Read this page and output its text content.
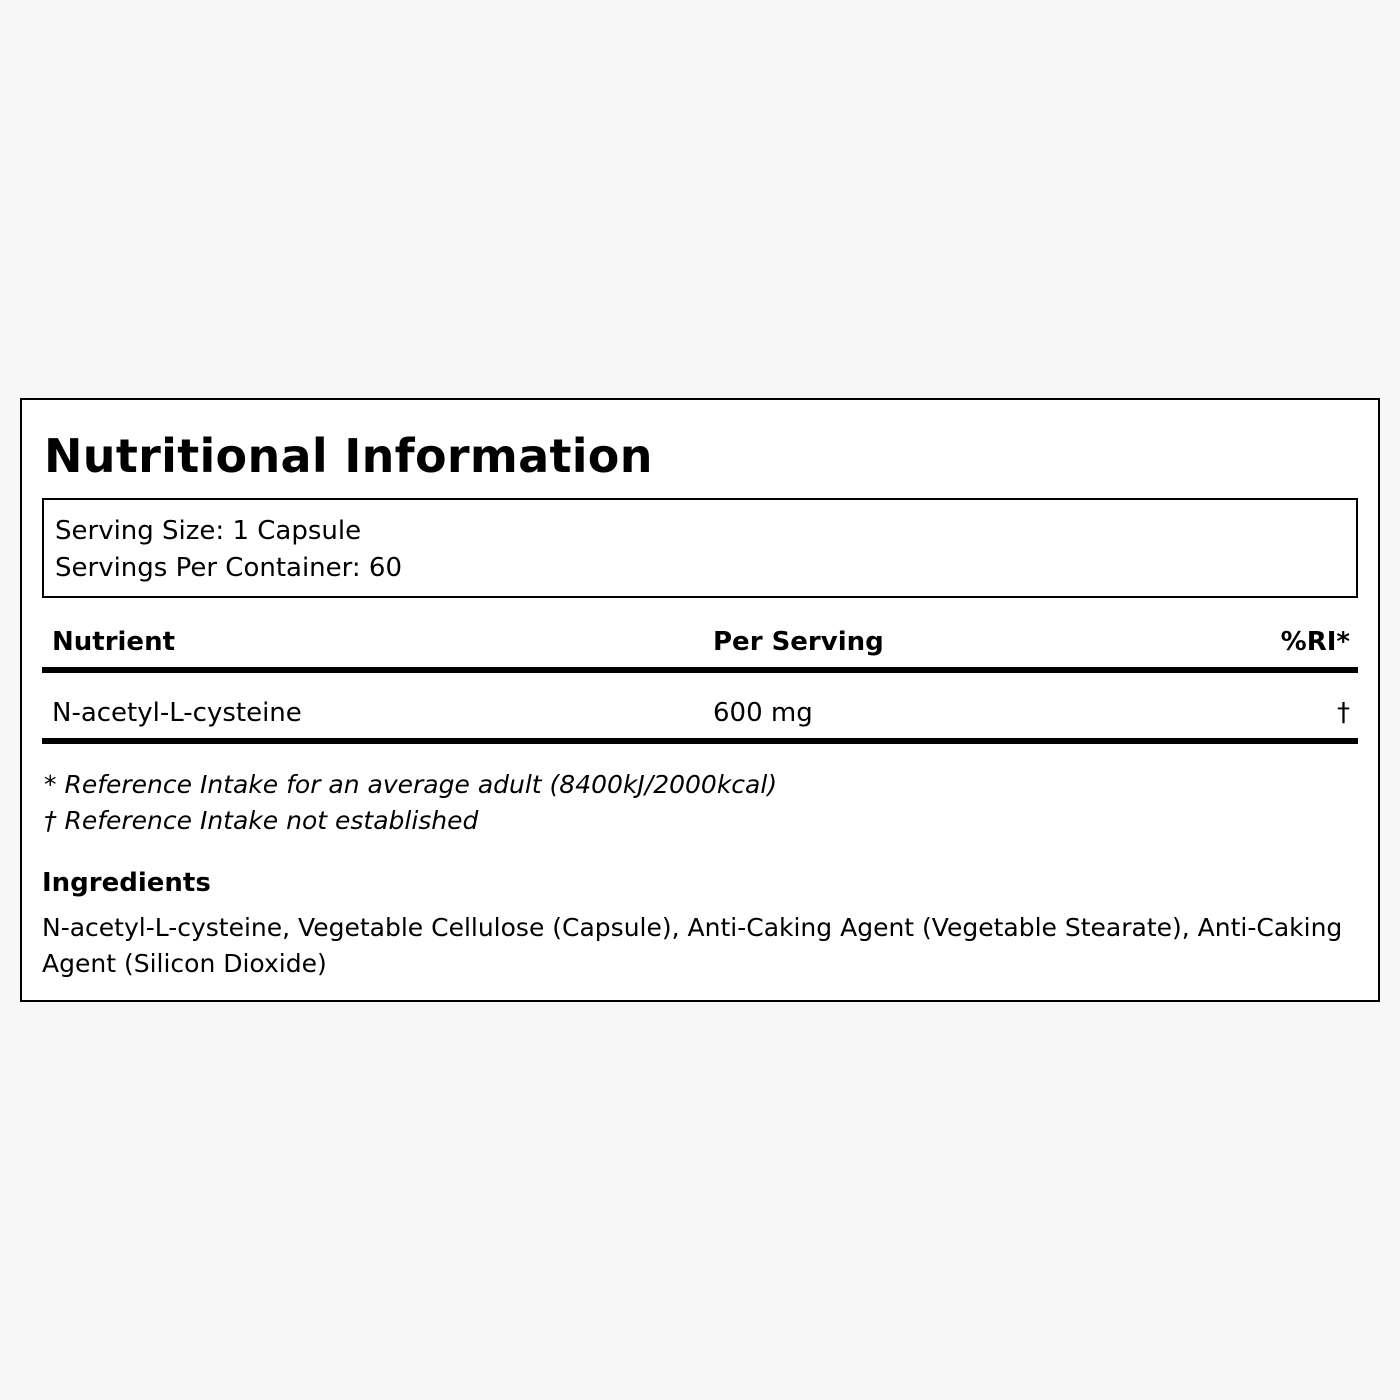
Nutritional Information
Serving Size: 1 Capsule
Servings Per Container: 60
Nutrient	Per Serving	%RI*
N-acetyl-L-cysteine	600 mg	†
* Reference Intake for an average adult (8400kJ/2000kcal)
† Reference Intake not established
Ingredients

N-acetyl-L-cysteine, Vegetable Cellulose (Capsule), Anti-Caking Agent (Vegetable Stearate), Anti-Caking Agent (Silicon Dioxide)
